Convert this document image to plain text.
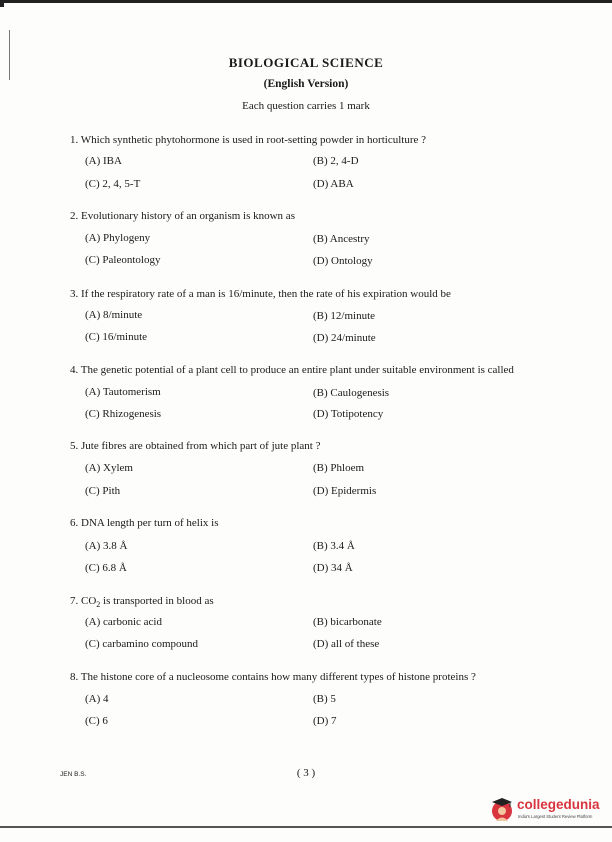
BIOLOGICAL SCIENCE
(English Version)
Each question carries 1 mark
1. Which synthetic phytohormone is used in root-setting powder in horticulture ?
(A) IBA	(B) 2, 4-D
(C) 2, 4, 5-T	(D) ABA
2. Evolutionary history of an organism is known as
(A) Phylogeny	(B) Ancestry
(C) Paleontology	(D) Ontology
3. If the respiratory rate of a man is 16/minute, then the rate of his expiration would be
(A) 8/minute	(B) 12/minute
(C) 16/minute	(D) 24/minute
4. The genetic potential of a plant cell to produce an entire plant under suitable environment is called
(A) Tautomerism	(B) Caulogenesis
(C) Rhizogenesis	(D) Totipotency
5. Jute fibres are obtained from which part of jute plant ?
(A) Xylem	(B) Phloem
(C) Pith	(D) Epidermis
6. DNA length per turn of helix is
(A) 3.8 Å	(B) 3.4 Å
(C) 6.8 Å	(D) 34 Å
7. $CO_2$ is transported in blood as
(A) carbonic acid	(B) bicarbonate
(C) carbamino compound	(D) all of these
8. The histone core of a nucleosome contains how many different types of histone proteins ?
(A) 4	(B) 5
(C) 6	(D) 7
JEN B.S.	( 3 )
collegedunia
India's Largest Student Review Platform
